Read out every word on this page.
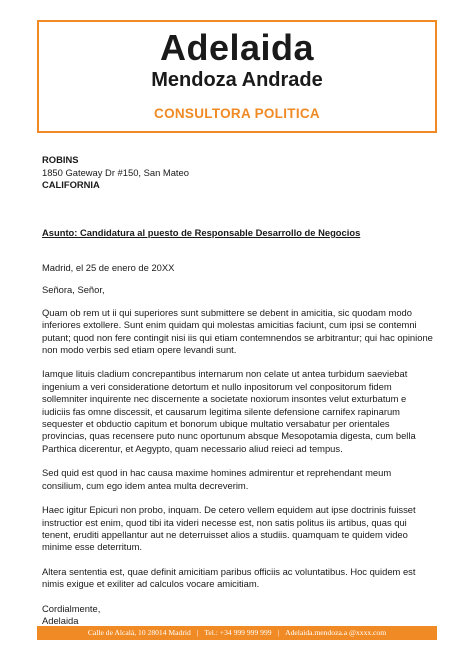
Adelaida
Mendoza Andrade
CONSULTORA POLITICA
ROBINS
1850 Gateway Dr #150, San Mateo
CALIFORNIA
Asunto: Candidatura al puesto de Responsable Desarrollo de Negocios

Madrid, el 25 de enero de 20XX

Señora, Señor,

Quam ob rem ut ii qui superiores sunt submittere se debent in amicitia, sic quodam modo inferiores extollere. Sunt enim quidam qui molestas amicitias faciunt, cum ipsi se contemni putant; quod non fere contingit nisi iis qui etiam contemnendos se arbitrantur; qui hac opinione non modo verbis sed etiam opere levandi sunt.

Iamque lituis cladium concrepantibus internarum non celate ut antea turbidum saeviebat ingenium a veri consideratione detortum et nullo inpositorum vel conpositorum fidem sollemniter inquirente nec discernente a societate noxiorum insontes velut exturbatum e iudiciis fas omne discessit, et causarum legitima silente defensione carnifex rapinarum sequester et obductio capitum et bonorum ubique multatio versabatur per orientales provincias, quas recensere puto nunc oportunum absque Mesopotamia digesta, cum bella Parthica dicerentur, et Aegypto, quam necessario aliud reieci ad tempus.

Sed quid est quod in hac causa maxime homines admirentur et reprehendant meum consilium, cum ego idem antea multa decreverim.

Haec igitur Epicuri non probo, inquam. De cetero vellem equidem aut ipse doctrinis fuisset instructior est enim, quod tibi ita videri necesse est, non satis politus iis artibus, quas qui tenent, eruditi appellantur aut ne deterruisset alios a studiis. quamquam te quidem video minime esse deterritum.

Altera sententia est, quae definit amicitiam paribus officiis ac voluntatibus. Hoc quidem est nimis exigue et exiliter ad calculos vocare amicitiam.

Cordialmente,

Adelaida

Calle de Alcalá, 10 28014 Madrid | Tel.: +34 999 999 999 | Adelaida.mendoza.a @xxxx.com
